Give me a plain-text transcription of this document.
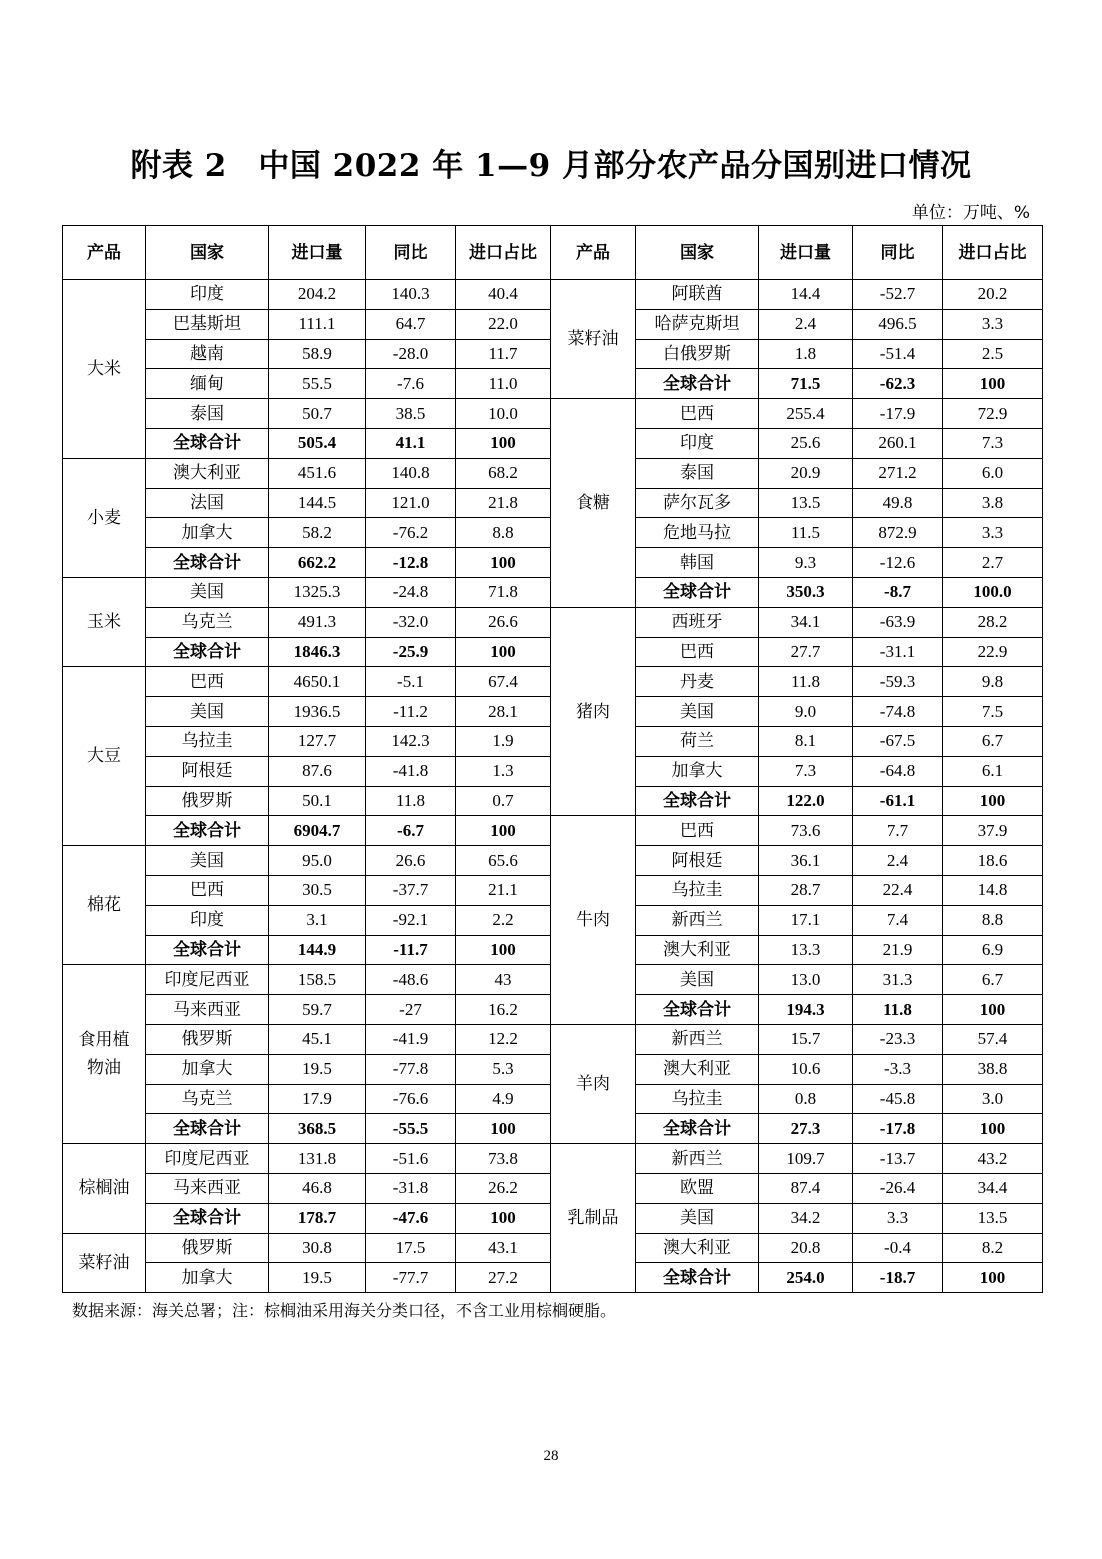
附表 2　中国 2022 年 1—9 月部分农产品分国别进口情况
单位：万吨、%
产品	国家	进口量	同比	进口占比	产品	国家	进口量	同比	进口占比
大米	印度	204.2	140.3	40.4	菜籽油	阿联酋	14.4	-52.7	20.2
	巴基斯坦	111.1	64.7	22.0		哈萨克斯坦	2.4	496.5	3.3
	越南	58.9	-28.0	11.7		白俄罗斯	1.8	-51.4	2.5
	缅甸	55.5	-7.6	11.0		全球合计	71.5	-62.3	100
	泰国	50.7	38.5	10.0	食糖	巴西	255.4	-17.9	72.9
	全球合计	505.4	41.1	100		印度	25.6	260.1	7.3
小麦	澳大利亚	451.6	140.8	68.2		泰国	20.9	271.2	6.0
	法国	144.5	121.0	21.8		萨尔瓦多	13.5	49.8	3.8
	加拿大	58.2	-76.2	8.8		危地马拉	11.5	872.9	3.3
	全球合计	662.2	-12.8	100		韩国	9.3	-12.6	2.7
玉米	美国	1325.3	-24.8	71.8		全球合计	350.3	-8.7	100.0
	乌克兰	491.3	-32.0	26.6	猪肉	西班牙	34.1	-63.9	28.2
	全球合计	1846.3	-25.9	100		巴西	27.7	-31.1	22.9
大豆	巴西	4650.1	-5.1	67.4		丹麦	11.8	-59.3	9.8
	美国	1936.5	-11.2	28.1		美国	9.0	-74.8	7.5
	乌拉圭	127.7	142.3	1.9		荷兰	8.1	-67.5	6.7
	阿根廷	87.6	-41.8	1.3		加拿大	7.3	-64.8	6.1
	俄罗斯	50.1	11.8	0.7		全球合计	122.0	-61.1	100
	全球合计	6904.7	-6.7	100	牛肉	巴西	73.6	7.7	37.9
棉花	美国	95.0	26.6	65.6		阿根廷	36.1	2.4	18.6
	巴西	30.5	-37.7	21.1		乌拉圭	28.7	22.4	14.8
	印度	3.1	-92.1	2.2		新西兰	17.1	7.4	8.8
	全球合计	144.9	-11.7	100		澳大利亚	13.3	21.9	6.9
食用植
物油	印度尼西亚	158.5	-48.6	43		美国	13.0	31.3	6.7
	马来西亚	59.7	-27	16.2		全球合计	194.3	11.8	100
	俄罗斯	45.1	-41.9	12.2	羊肉	新西兰	15.7	-23.3	57.4
	加拿大	19.5	-77.8	5.3		澳大利亚	10.6	-3.3	38.8
	乌克兰	17.9	-76.6	4.9		乌拉圭	0.8	-45.8	3.0
	全球合计	368.5	-55.5	100		全球合计	27.3	-17.8	100
棕榈油	印度尼西亚	131.8	-51.6	73.8	乳制品	新西兰	109.7	-13.7	43.2
	马来西亚	46.8	-31.8	26.2		欧盟	87.4	-26.4	34.4
	全球合计	178.7	-47.6	100		美国	34.2	3.3	13.5
菜籽油	俄罗斯	30.8	17.5	43.1		澳大利亚	20.8	-0.4	8.2
	加拿大	19.5	-77.7	27.2		全球合计	254.0	-18.7	100
数据来源：海关总署；注：棕榈油采用海关分类口径，不含工业用棕榈硬脂。
28
